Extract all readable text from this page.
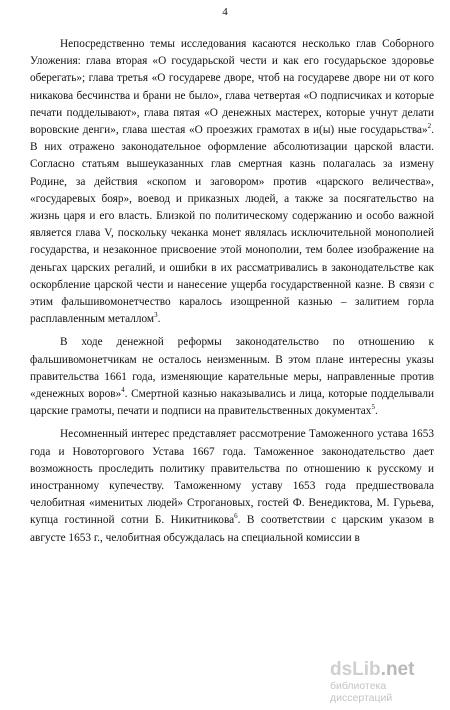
4

Непосредственно темы исследования касаются несколько глав Соборного Уложения: глава вторая «О государьской чести и как его государьское здоровье оберегать»; глава третья «О государеве дворе, чтоб на государеве дворе ни от кого никакова бесчинства и брани не было», глава четвертая «О подписчиках и которые печати подделывают», глава пятая «О денежных мастерех, которые учнут делати воровские денги», глава шестая «О проезжих грамотах в и(ы) ные государьства»$^2$. В них отражено законодательное оформление абсолютизации царской власти. Согласно статьям вышеуказанных глав смертная казнь полагалась за измену Родине, за действия «скопом и заговором» против «царского величества», «государевых бояр», воевод и приказных людей, а также за посягательство на жизнь царя и его власть. Близкой по политическому содержанию и особо важной является глава V, поскольку чеканка монет являлась исключительной монополией государства, и незаконное присвоение этой монополии, тем более изображение на деньгах царских регалий, и ошибки в их рассматривались в законодательстве как оскорбление царской чести и нанесение ущерба государственной казне. В связи с этим фальшивомонетчество каралось изощренной казнью – залитием горла расплавленным металлом$^3$.

В ходе денежной реформы законодательство по отношению к фальшивомонетчикам не осталось неизменным. В этом плане интересны указы правительства 1661 года, изменяющие карательные меры, направленные против «денежных воров»$^4$. Смертной казнью наказывались и лица, которые подделывали царские грамоты, печати и подписи на правительственных документах$^5$.

Несомненный интерес представляет рассмотрение Таможенного устава 1653 года и Новоторгового Устава 1667 года. Таможенное законодательство дает возможность проследить политику правительства по отношению к русскому и иностранному купечеству. Таможенному уставу 1653 года предшествовала челобитная «именитых людей» Строгановых, гостей Ф. Венедиктова, М. Гурьева, купца гостинной сотни Б. Никитникова$^6$. В соответствии с царским указом в августе 1653 г., челобитная обсуждалась на специальной комиссии в

dsLib.net
библиотека диссертаций
